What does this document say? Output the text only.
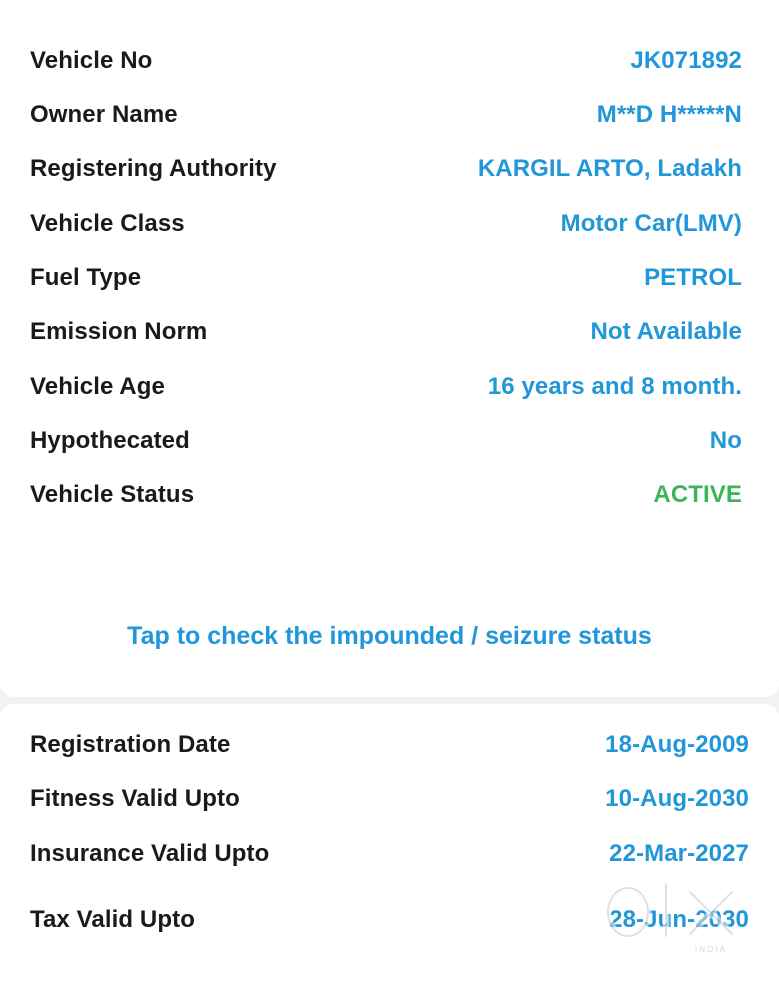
Vehicle No	JK071892
Owner Name	M**D H*****N
Registering Authority	KARGIL ARTO, Ladakh
Vehicle Class	Motor Car(LMV)
Fuel Type	PETROL
Emission Norm	Not Available
Vehicle Age	16 years and 8 month.
Hypothecated	No
Vehicle Status	ACTIVE
Tap to check the impounded / seizure status
Registration Date	18-Aug-2009
Fitness Valid Upto	10-Aug-2030
Insurance Valid Upto	22-Mar-2027
Tax Valid Upto	28-Jun-2030
INDIA
